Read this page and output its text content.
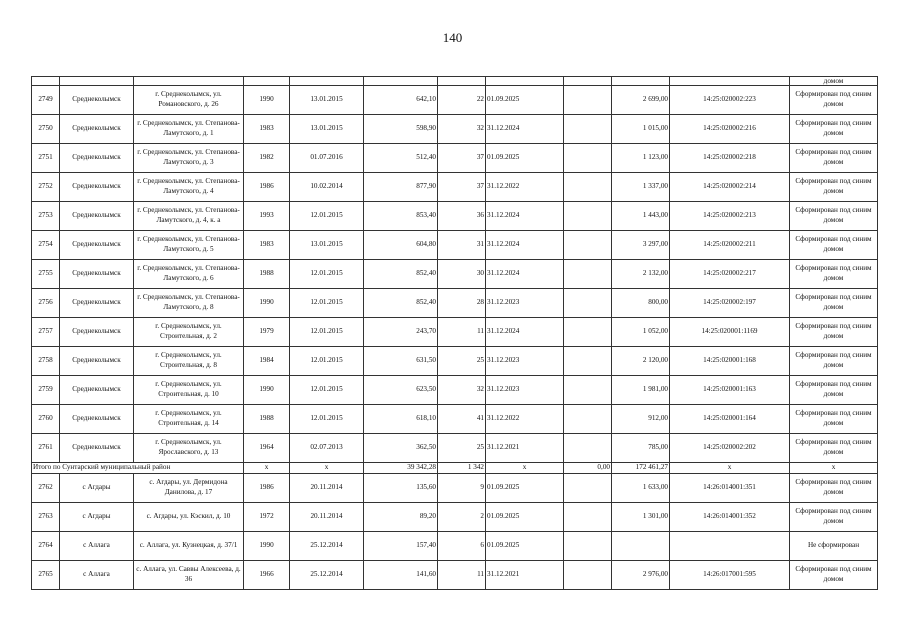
140
											домом
2749	Среднеколымск	г. Среднеколымск, ул. Романовского, д. 26	1990	13.01.2015	642,10	22	01.09.2025		2 699,00	14:25:020002:223	Сформирован под синим домом
2750	Среднеколымск	г. Среднеколымск, ул. Степанова-Ламутского, д. 1	1983	13.01.2015	598,90	32	31.12.2024		1 015,00	14:25:020002:216	Сформирован под синим домом
2751	Среднеколымск	г. Среднеколымск, ул. Степанова-Ламутского, д. 3	1982	01.07.2016	512,40	37	01.09.2025		1 123,00	14:25:020002:218	Сформирован под синим домом
2752	Среднеколымск	г. Среднеколымск, ул. Степанова-Ламутского, д. 4	1986	10.02.2014	877,90	37	31.12.2022		1 337,00	14:25:020002:214	Сформирован под синим домом
2753	Среднеколымск	г. Среднеколымск, ул. Степанова-Ламутского, д. 4, к. а	1993	12.01.2015	853,40	36	31.12.2024		1 443,00	14:25:020002:213	Сформирован под синим домом
2754	Среднеколымск	г. Среднеколымск, ул. Степанова-Ламутского, д. 5	1983	13.01.2015	604,80	31	31.12.2024		3 297,00	14:25:020002:211	Сформирован под синим домом
2755	Среднеколымск	г. Среднеколымск, ул. Степанова-Ламутского, д. 6	1988	12.01.2015	852,40	30	31.12.2024		2 132,00	14:25:020002:217	Сформирован под синим домом
2756	Среднеколымск	г. Среднеколымск, ул. Степанова-Ламутского, д. 8	1990	12.01.2015	852,40	28	31.12.2023		800,00	14:25:020002:197	Сформирован под синим домом
2757	Среднеколымск	г. Среднеколымск, ул. Строительная, д. 2	1979	12.01.2015	243,70	11	31.12.2024		1 052,00	14:25:020001:1169	Сформирован под синим домом
2758	Среднеколымск	г. Среднеколымск, ул. Строительная, д. 8	1984	12.01.2015	631,50	25	31.12.2023		2 120,00	14:25:020001:168	Сформирован под синим домом
2759	Среднеколымск	г. Среднеколымск, ул. Строительная, д. 10	1990	12.01.2015	623,50	32	31.12.2023		1 981,00	14:25:020001:163	Сформирован под синим домом
2760	Среднеколымск	г. Среднеколымск, ул. Строительная, д. 14	1988	12.01.2015	618,10	41	31.12.2022		912,00	14:25:020001:164	Сформирован под синим домом
2761	Среднеколымск	г. Среднеколымск, ул. Ярославского, д. 13	1964	02.07.2013	362,50	25	31.12.2021		785,00	14:25:020002:202	Сформирован под синим домом
Итого по Сунтарский муниципальный район			x	x	39 342,28	1 342	x	0,00	172 461,27	x	x
2762	с Агдары	с. Агдары, ул. Дермидона Данилова, д. 17	1986	20.11.2014	135,60	9	01.09.2025		1 633,00	14:26:014001:351	Сформирован под синим домом
2763	с Агдары	с. Агдары, ул. Кэскил, д. 10	1972	20.11.2014	89,20	2	01.09.2025		1 301,00	14:26:014001:352	Сформирован под синим домом
2764	с Аллага	с. Аллага, ул. Кузнецкая, д. 37/1	1990	25.12.2014	157,40	6	01.09.2025				Не сформирован
2765	с Аллага	с. Аллага, ул. Саввы Алексеева, д. 36	1966	25.12.2014	141,60	11	31.12.2021		2 976,00	14:26:017001:595	Сформирован под синим домом
